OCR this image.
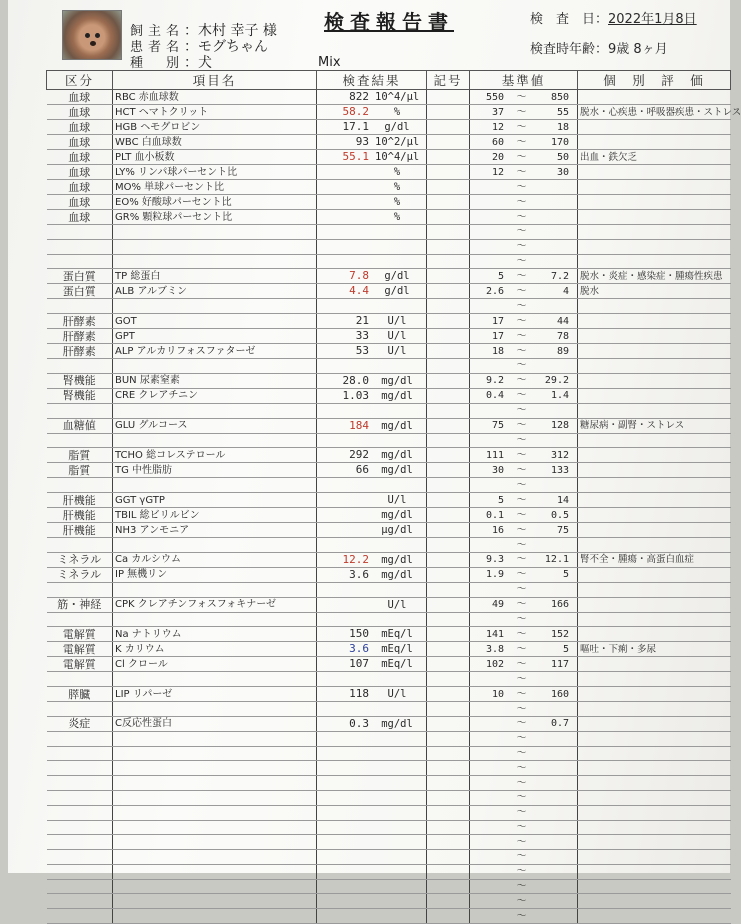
検査報告書
飼主名：木村 幸子 様
患者名：モグちゃん
種　別：犬	Mix
検　査　日：2022年1月8日
検査時年齢：9歳 8ヶ月
区分	項目名	検査結果	記号	基準値	個　別　評　価
血球	RBC 赤血球数	822 10^4/μl		550 ～ 850	

血球	HCT ヘマトクリット	58.2 %		37 ～ 55	脱水・心疾患・呼吸器疾患・ストレス
血球	HGB ヘモグロビン	17.1 g/dl		12 ～ 18	

血球	WBC 白血球数	93 10^2/μl		60 ～ 170	

血球	PLT 血小板数	55.1 10^4/μl		20 ～ 50	出血・鉄欠乏
血球	LY% リンパ球パーセント比	%		12 ～ 30	

血球	MO% 単球パーセント比	%		～	

血球	EO% 好酸球パーセント比	%		～	

血球	GR% 顆粒球パーセント比	%		～	

				～	

				～	

				～	

蛋白質	TP 総蛋白	7.8 g/dl		5 ～ 7.2	脱水・炎症・感染症・腫瘍性疾患
蛋白質	ALB アルブミン	4.4 g/dl		2.6 ～ 4	脱水

				～	

肝酵素	GOT	21 U/l		17 ～ 44	

肝酵素	GPT	33 U/l		17 ～ 78	

肝酵素	ALP アルカリフォスファターゼ	53 U/l		18 ～ 89	

				～	

腎機能	BUN 尿素窒素	28.0 mg/dl		9.2 ～ 29.2	

腎機能	CRE クレアチニン	1.03 mg/dl		0.4 ～ 1.4	

				～	

血糖値	GLU グルコース	184 mg/dl		75 ～ 128	糖尿病・副腎・ストレス

				～	

脂質	TCHO 総コレステロール	292 mg/dl		111 ～ 312	

脂質	TG 中性脂肪	66 mg/dl		30 ～ 133	

				～	

肝機能	GGT γGTP	U/l		5 ～ 14	

肝機能	TBIL 総ビリルビン	mg/dl		0.1 ～ 0.5	

肝機能	NH3 アンモニア	μg/dl		16 ～ 75	

				～	

ミネラル	Ca カルシウム	12.2 mg/dl		9.3 ～ 12.1	腎不全・腫瘍・高蛋白血症
ミネラル	IP 無機リン	3.6 mg/dl		1.9 ～ 5	

				～	

筋・神経	CPK クレアチンフォスフォキナーゼ	U/l		49 ～ 166	

				～	

電解質	Na ナトリウム	150 mEq/l		141 ～ 152	

電解質	K カリウム	3.6 mEq/l		3.8 ～ 5	嘔吐・下痢・多尿
電解質	Cl クロール	107 mEq/l		102 ～ 117	

				～	

膵臓	LIP リパーゼ	118 U/l		10 ～ 160	

				～	

炎症	C反応性蛋白	0.3 mg/dl		～ 0.7	

				～	

				～	

				～	

				～	

				～	

				～	

				～	

				～	

				～	

				～	

				～	

				～	

				～	
